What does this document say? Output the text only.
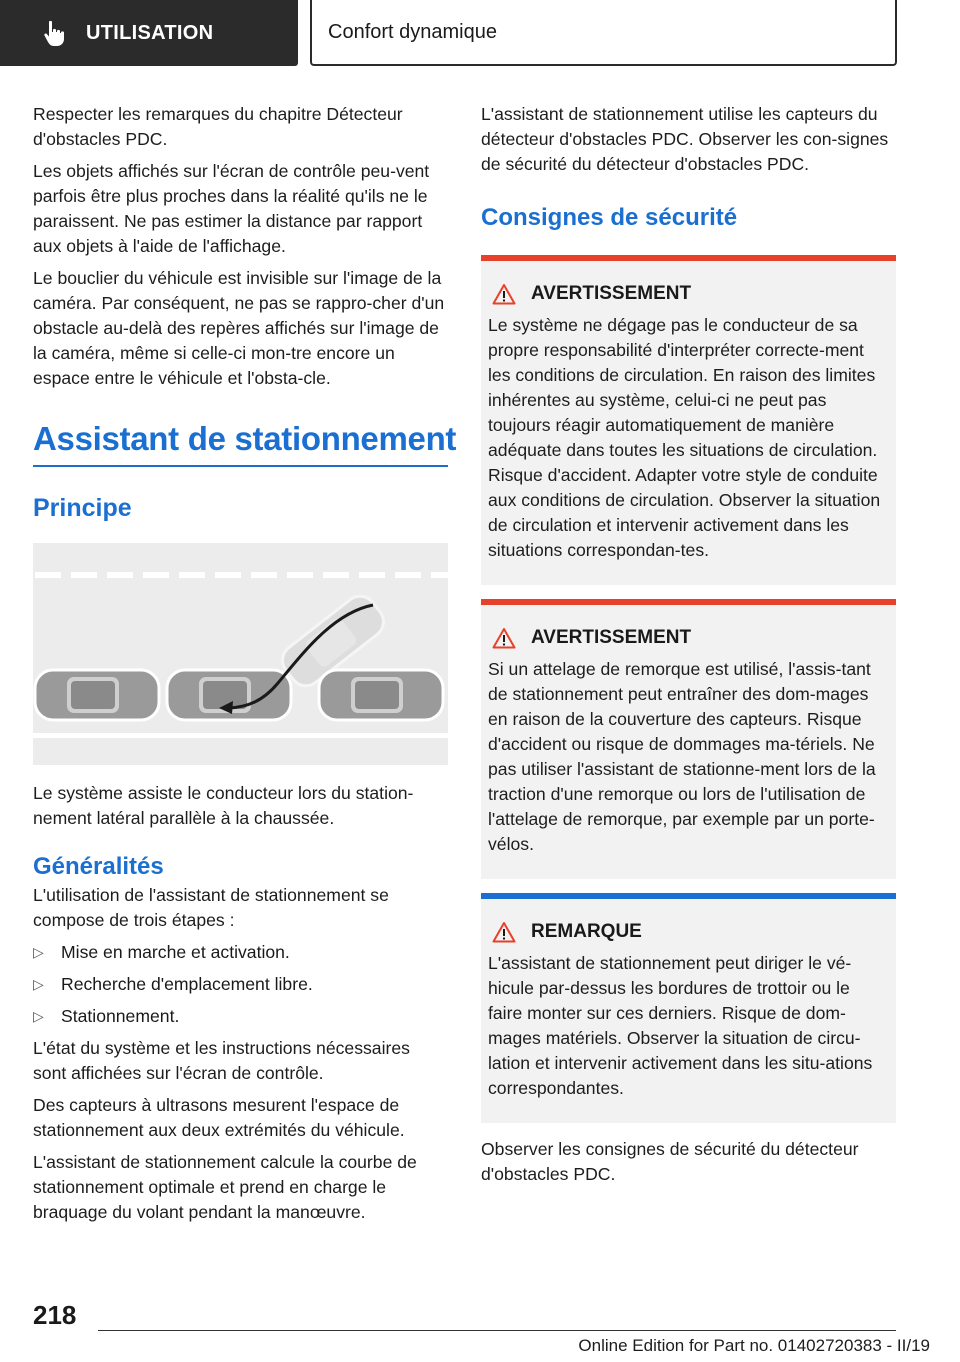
UTILISATION	Confort dynamique

Respecter les remarques du chapitre Détecteur d'obstacles PDC.

Les objets affichés sur l'écran de contrôle peu‐vent parfois être plus proches dans la réalité qu'ils ne le paraissent. Ne pas estimer la distance par rapport aux objets à l'aide de l'affichage.

Le bouclier du véhicule est invisible sur l'image de la caméra. Par conséquent, ne pas se rappro‐cher d'un obstacle au-delà des repères affichés sur l'image de la caméra, même si celle-ci mon‐tre encore un espace entre le véhicule et l'obsta‐cle.

Assistant de stationnement
Principe

Le système assiste le conducteur lors du station‐nement latéral parallèle à la chaussée.

Généralités

L'utilisation de l'assistant de stationnement se compose de trois étapes :

▷ Mise en marche et activation.
▷ Recherche d'emplacement libre.
▷ Stationnement.

L'état du système et les instructions nécessaires sont affichées sur l'écran de contrôle.

Des capteurs à ultrasons mesurent l'espace de stationnement aux deux extrémités du véhicule.

L'assistant de stationnement calcule la courbe de stationnement optimale et prend en charge le braquage du volant pendant la manœuvre.

L'assistant de stationnement utilise les capteurs du détecteur d'obstacles PDC. Observer les con‐signes de sécurité du détecteur d'obstacles PDC.

Consignes de sécurité
AVERTISSEMENT

Le système ne dégage pas le conducteur de sa propre responsabilité d'interpréter correcte‐ment les conditions de circulation. En raison des limites inhérentes au système, celui-ci ne peut pas toujours réagir automatiquement de manière adéquate dans toutes les situations de circulation. Risque d'accident. Adapter votre style de conduite aux conditions de circulation. Observer la situation de circulation et intervenir activement dans les situations correspondan‐tes.

AVERTISSEMENT

Si un attelage de remorque est utilisé, l'assis‐tant de stationnement peut entraîner des dom‐mages en raison de la couverture des capteurs. Risque d'accident ou risque de dommages ma‐tériels. Ne pas utiliser l'assistant de stationne‐ment lors de la traction d'une remorque ou lors de l'utilisation de l'attelage de remorque, par exemple par un porte-vélos.

REMARQUE

L'assistant de stationnement peut diriger le vé‐hicule par-dessus les bordures de trottoir ou le faire monter sur ces derniers. Risque de dom‐mages matériels. Observer la situation de circu‐lation et intervenir activement dans les situ‐ations correspondantes.

Observer les consignes de sécurité du détecteur d'obstacles PDC.

218
Online Edition for Part no. 01402720383 - II/19
